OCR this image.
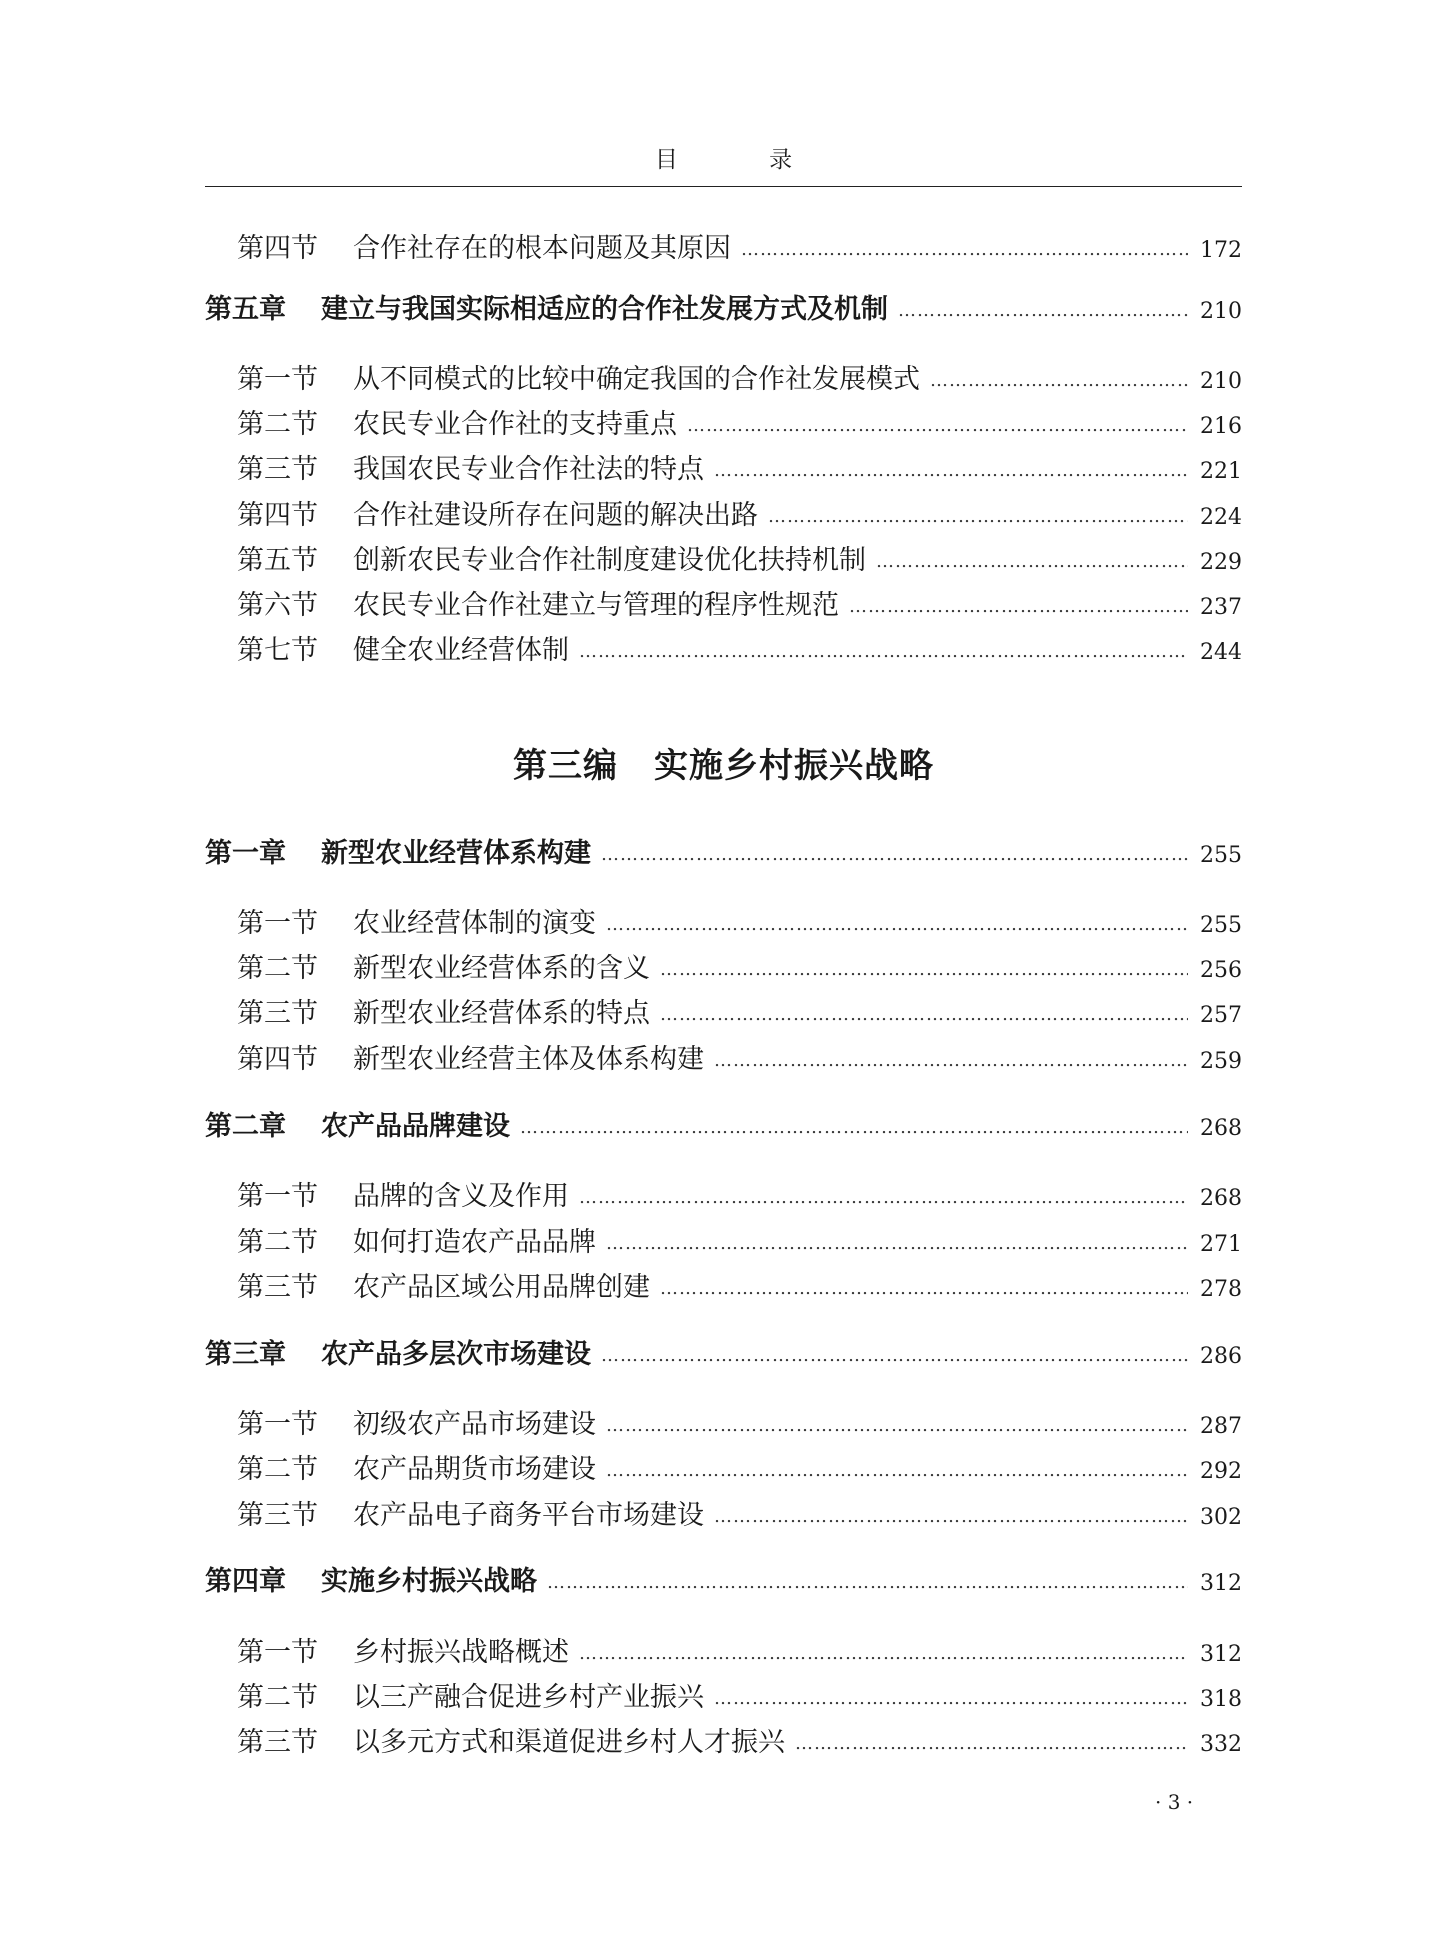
目 录
第四节	合作社存在的根本问题及其原因 ……………………………………………………………………………………………………………………………………………………………	172
第五章	建立与我国实际相适应的合作社发展方式及机制 ……………………………………………………………………………………………………………………………………………………………	210
第一节	从不同模式的比较中确定我国的合作社发展模式 ……………………………………………………………………………………………………………………………………………………………	210
第二节	农民专业合作社的支持重点 ……………………………………………………………………………………………………………………………………………………………	216
第三节	我国农民专业合作社法的特点 ……………………………………………………………………………………………………………………………………………………………	221
第四节	合作社建设所存在问题的解决出路 ……………………………………………………………………………………………………………………………………………………………	224
第五节	创新农民专业合作社制度建设优化扶持机制 ……………………………………………………………………………………………………………………………………………………………	229
第六节	农民专业合作社建立与管理的程序性规范 ……………………………………………………………………………………………………………………………………………………………	237
第七节	健全农业经营体制 ……………………………………………………………………………………………………………………………………………………………	244
第三编 实施乡村振兴战略
第一章	新型农业经营体系构建 ……………………………………………………………………………………………………………………………………………………………	255
第一节	农业经营体制的演变 ……………………………………………………………………………………………………………………………………………………………	255
第二节	新型农业经营体系的含义 ……………………………………………………………………………………………………………………………………………………………	256
第三节	新型农业经营体系的特点 ……………………………………………………………………………………………………………………………………………………………	257
第四节	新型农业经营主体及体系构建 ……………………………………………………………………………………………………………………………………………………………	259
第二章	农产品品牌建设 ……………………………………………………………………………………………………………………………………………………………	268
第一节	品牌的含义及作用 ……………………………………………………………………………………………………………………………………………………………	268
第二节	如何打造农产品品牌 ……………………………………………………………………………………………………………………………………………………………	271
第三节	农产品区域公用品牌创建 ……………………………………………………………………………………………………………………………………………………………	278
第三章	农产品多层次市场建设 ……………………………………………………………………………………………………………………………………………………………	286
第一节	初级农产品市场建设 ……………………………………………………………………………………………………………………………………………………………	287
第二节	农产品期货市场建设 ……………………………………………………………………………………………………………………………………………………………	292
第三节	农产品电子商务平台市场建设 ……………………………………………………………………………………………………………………………………………………………	302
第四章	实施乡村振兴战略 ……………………………………………………………………………………………………………………………………………………………	312
第一节	乡村振兴战略概述 ……………………………………………………………………………………………………………………………………………………………	312
第二节	以三产融合促进乡村产业振兴 ……………………………………………………………………………………………………………………………………………………………	318
第三节	以多元方式和渠道促进乡村人才振兴 ……………………………………………………………………………………………………………………………………………………………	332
· 3 ·
